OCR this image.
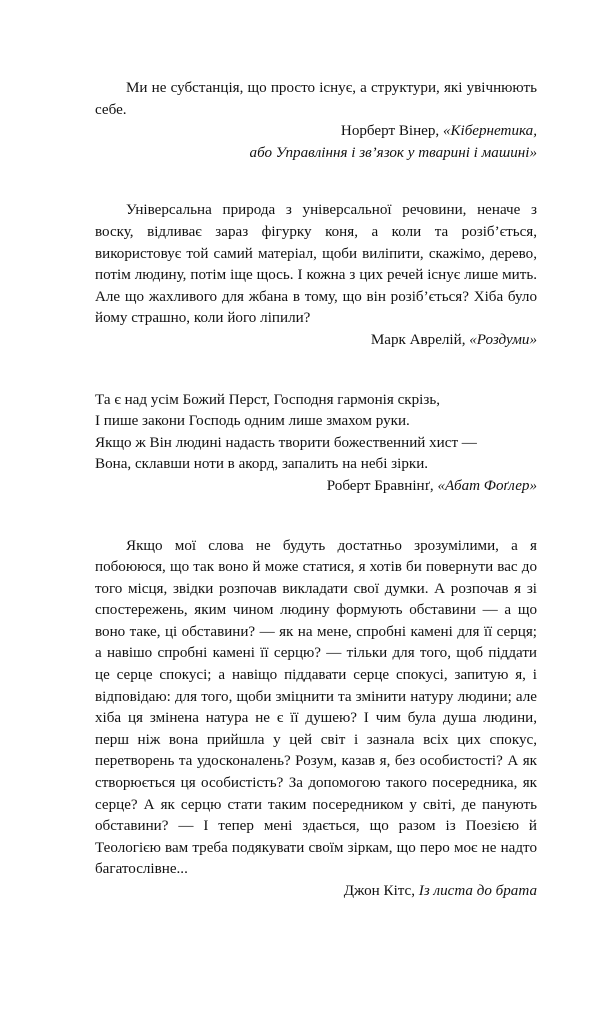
Ми не субстанція, що просто існує, а структури, які увічнюють себе.

Норберт Вінер, «Кібернетика,
або Управління і зв’язок у тварині і машині»

Універсальна природа з універсальної речовини, неначе з воску, відливає зараз фігурку коня, а коли та розіб’ється, використовує той самий матеріал, щоби виліпити, скажімо, дерево, потім людину, потім іще щось. І кожна з цих речей існує лише мить. Але що жахливого для жбана в тому, що він розіб’ється? Хіба було йому страшно, коли його ліпили?

Марк Аврелій, «Роздуми»

Та є над усім Божий Перст, Господня гармонія скрізь,
І пише закони Господь одним лише змахом руки.
Якщо ж Він людині надасть творити божественний хист —
Вона, склавши ноти в акорд, запалить на небі зірки.

Роберт Бравнінґ, «Абат Фоґлер»

Якщо мої слова не будуть достатньо зрозумілими, а я побоююся, що так воно й може статися, я хотів би повернути вас до того місця, звідки розпочав викладати свої думки. А розпочав я зі спостережень, яким чином людину формують обставини — а що воно таке, ці обставини? — як на мене, спробні камені для її серця; а навішо спробні камені її серцю? — тільки для того, щоб піддати це серце спокусі; а навіщо піддавати серце спокусі, запитую я, і відповідаю: для того, щоби зміцнити та змінити натуру людини; але хіба ця змінена натура не є її душею? І чим була душа людини, перш ніж вона прийшла у цей світ і зазнала всіх цих спокус, перетворень та удосконалень? Розум, казав я, без особистості? А як створюється ця особистість? За допомогою такого посередника, як серце? А як серцю стати таким посередником у світі, де панують обставини? — І тепер мені здається, що разом із Поезією й Теологією вам треба подякувати своїм зіркам, що перо моє не надто багатослівне...

Джон Кітс, Із листа до брата
